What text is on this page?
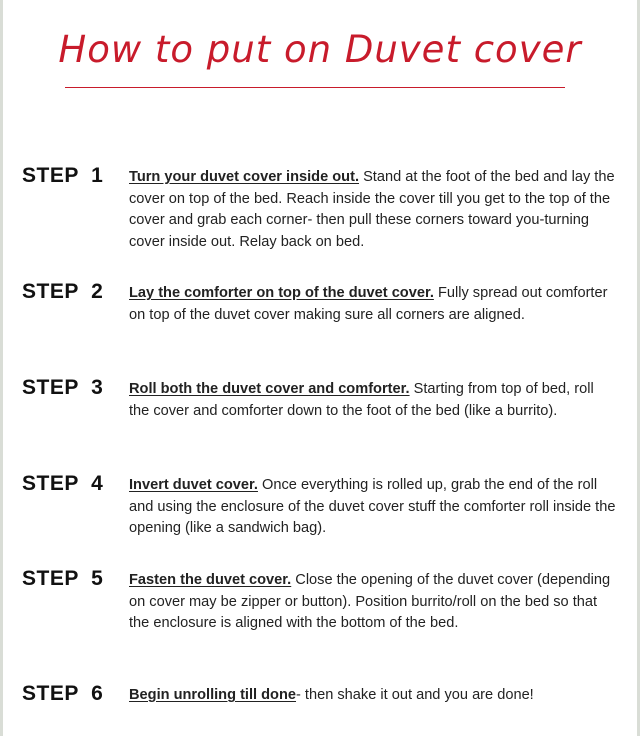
How to put on Duvet cover
STEP  1 Turn your duvet cover inside out. Stand at the foot of the bed and lay the cover on top of the bed. Reach inside the cover till you get to the top of the cover and grab each corner- then pull these corners toward you-turning cover inside out. Relay back on bed.
STEP  2 Lay the comforter on top of the duvet cover. Fully spread out comforter on top of the duvet cover making sure all corners are aligned.
STEP  3 Roll both the duvet cover and comforter. Starting from top of bed, roll the cover and comforter down to the foot of the bed (like a burrito).
STEP  4 Invert duvet cover. Once everything is rolled up, grab the end of the roll and using the enclosure of the duvet cover stuff the comforter roll inside the opening (like a sandwich bag).
STEP  5 Fasten the duvet cover. Close the opening of the duvet cover (depending on cover may be zipper or button). Position burrito/roll on the bed so that the enclosure is aligned with the bottom of the bed.
STEP  6 Begin unrolling till done- then shake it out and you are done!
